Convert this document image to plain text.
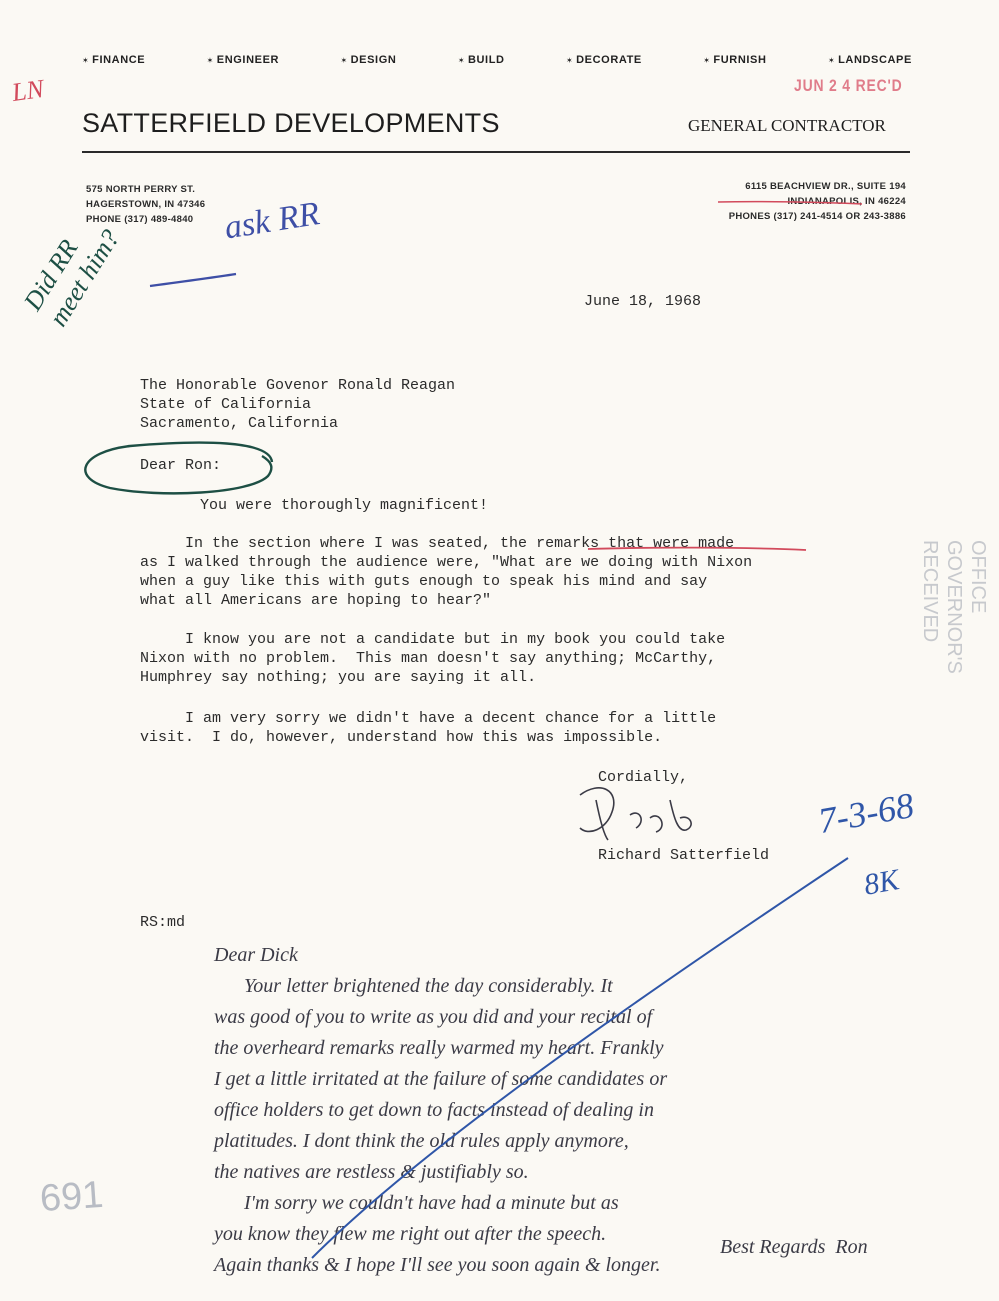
✶ FINANCE	✶ ENGINEER	✶ DESIGN	✶ BUILD	✶ DECORATE	✶ FURNISH	✶ LANDSCAPE
JUN 2 4 REC'D
SATTERFIELD DEVELOPMENTS	GENERAL CONTRACTOR
575 NORTH PERRY ST.
HAGERSTOWN, IN 47346
PHONE (317) 489-4840
6115 BEACHVIEW DR., SUITE 194
INDIANAPOLIS, IN 46224
PHONES (317) 241-4514 OR 243-3886
June 18, 1968
The Honorable Govenor Ronald Reagan
State of California
Sacramento, California
Dear Ron:
You were thoroughly magnificent!
In the section where I was seated, the remarks that were made
as I walked through the audience were, "What are we doing with Nixon
when a guy like this with guts enough to speak his mind and say
what all Americans are hoping to hear?"
I know you are not a candidate but in my book you could take
Nixon with no problem.  This man doesn't say anything; McCarthy,
Humphrey say nothing; you are saying it all.
I am very sorry we didn't have a decent chance for a little
visit.  I do, however, understand how this was impossible.
Cordially,
Richard Satterfield
RS:md
OFFICE
GOVERNOR'S
RECEIVED
Dear Dick
Your letter brightened the day considerably. It
was good of you to write as you did and your recital of
the overheard remarks really warmed my heart. Frankly
I get a little irritated at the failure of some candidates or
office holders to get down to facts instead of dealing in
platitudes. I dont think the old rules apply anymore,
the natives are restless & justifiably so.
I'm sorry we couldn't have had a minute but as
you know they flew me right out after the speech.
Again thanks & I hope I'll see you soon again & longer.
Best Regards  Ron
LN
ask RR
Did RR
meet him?
7-3-68
8K
691
